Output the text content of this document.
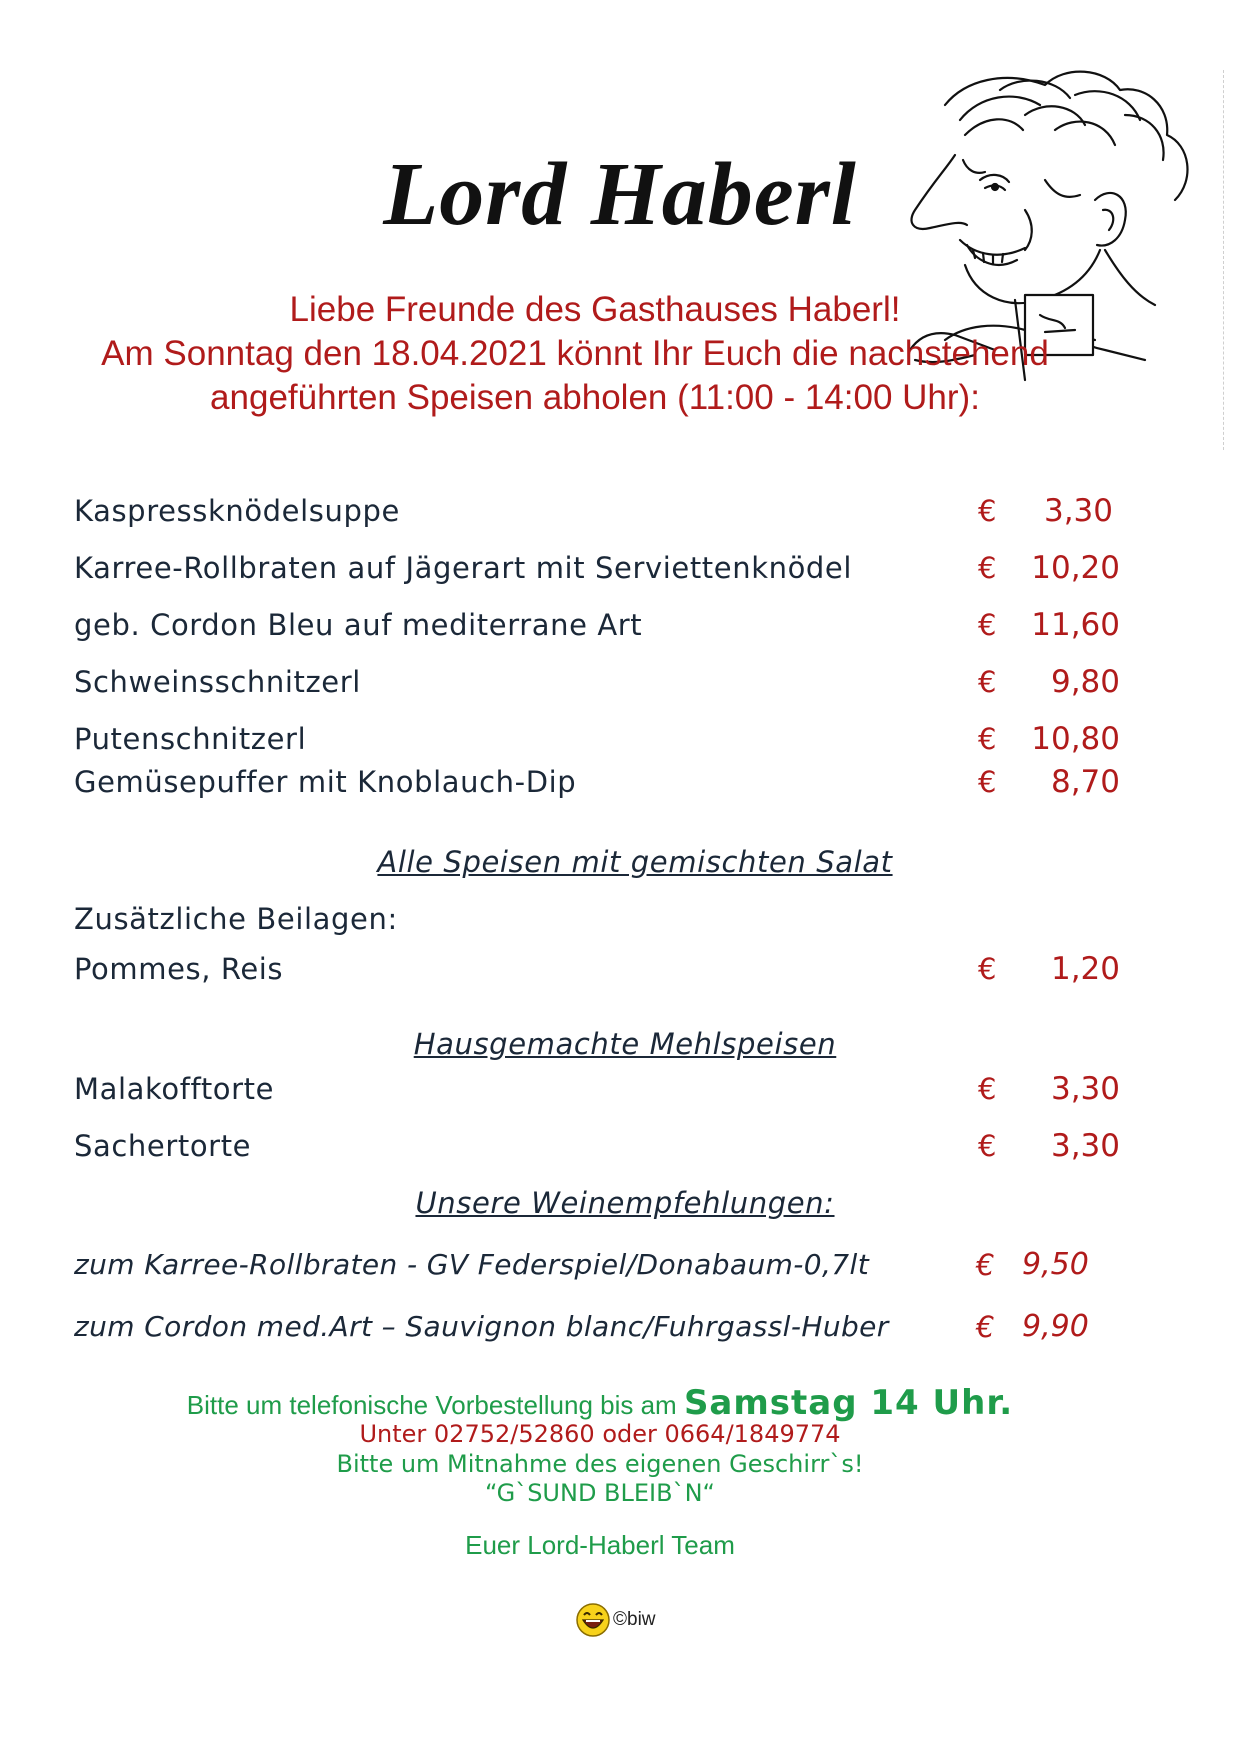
Lord Haberl
Liebe Freunde des Gasthauses Haberl!
Am Sonntag den 18.04.2021 könnt Ihr Euch die nachstehend
angeführten Speisen abholen (11:00 - 14:00 Uhr):
Kaspressknödelsuppe	€ 3,30
Karree-Rollbraten auf Jägerart mit Serviettenknödel	€ 10,20
geb. Cordon Bleu auf mediterrane Art	€ 11,60
Schweinsschnitzerl	€ 9,80
Putenschnitzerl	€ 10,80
Gemüsepuffer mit Knoblauch-Dip	€ 8,70
Alle Speisen mit gemischten Salat
Zusätzliche Beilagen:
Pommes, Reis	€ 1,20
Hausgemachte Mehlspeisen
Malakofftorte	€ 3,30
Sachertorte	€ 3,30
Unsere Weinempfehlungen:
zum Karree-Rollbraten - GV Federspiel/Donabaum-0,7lt	€ 9,50
zum Cordon med.Art – Sauvignon blanc/Fuhrgassl-Huber	€ 9,90
Bitte um telefonische Vorbestellung bis am Samstag 14 Uhr.
Unter 02752/52860 oder 0664/1849774
Bitte um Mitnahme des eigenen Geschirr`s!
“G`SUND BLEIB`N“
Euer Lord-Haberl Team
©biw
